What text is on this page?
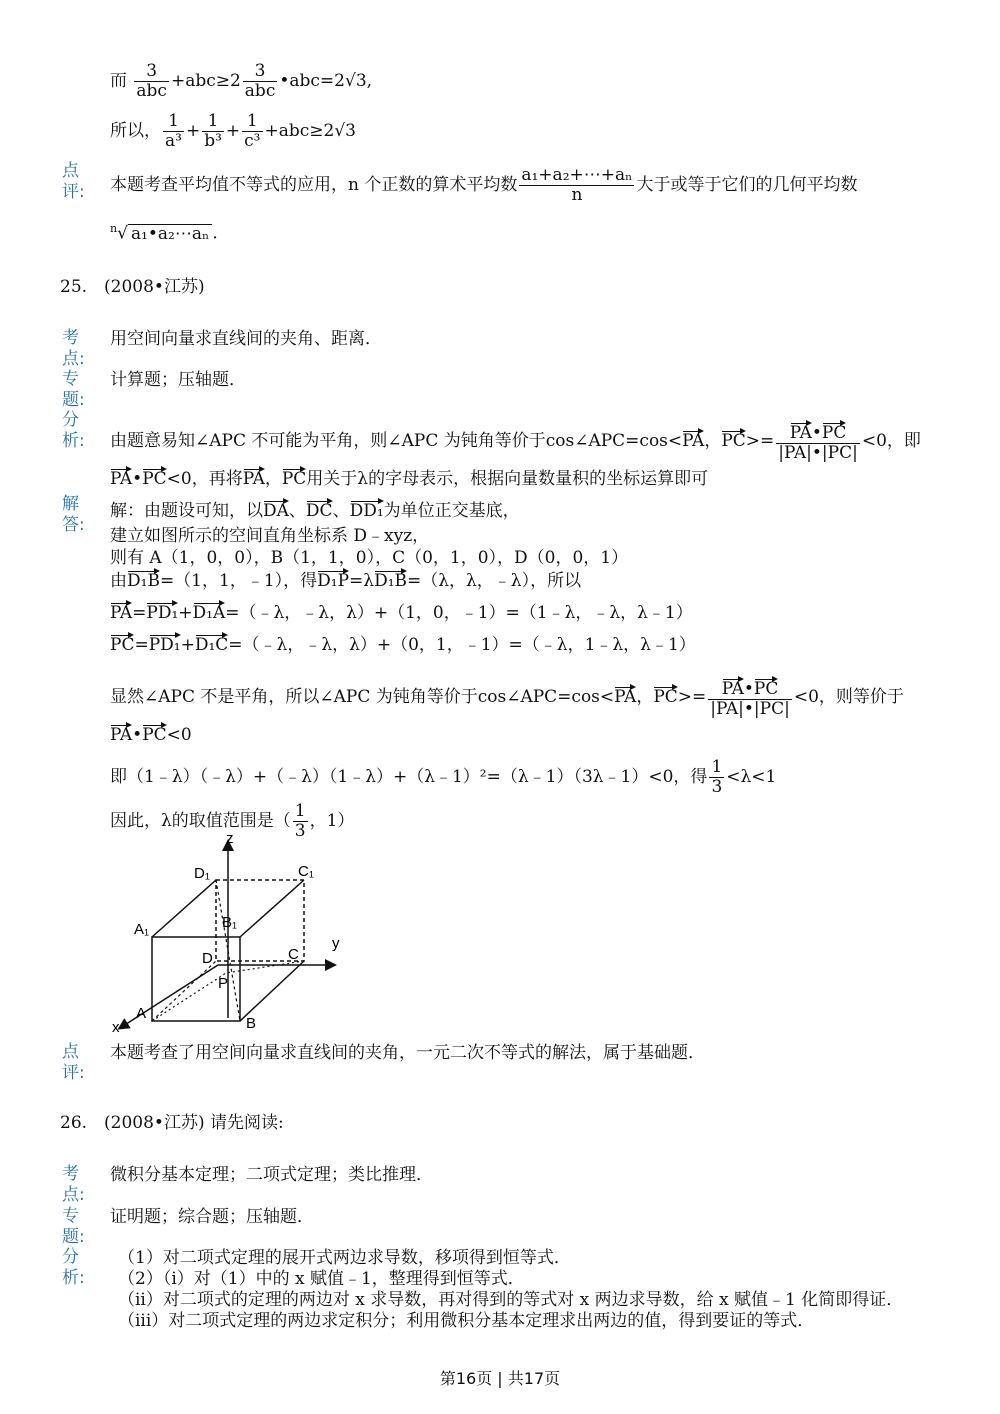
而 $\frac{3}{\text{abc}} +abc\ge 2 \frac{3}{\text{abc}}$ •abc=2√3,
所以， $\frac{1}{\text{a³}} + \frac{1}{\text{b³}} + \frac{1}{\text{c³}} +abc\ge 2√3$
点
评: 本题考查平均值不等式的应用，n 个正数的算术平均数 $\frac{\text{a₁+a₂+⋯+aₙ}}{n}$ 大于或等于它们的几何平均数
$^n$√ a₁•a₂⋯aₙ .
25.　(2008•江苏)
考
点:
用空间向量求直线间的夹角、距离．
专
题:
计算题；压轴题．
分
析: 由题意易知∠APC 不可能为平角，则∠APC 为钝角等价于cos∠APC=cos<PA，$PC>= \frac{PA•PC}{|PA|•|PC|} <0$，即
PA•PC<0，再将PA，PC用关于λ的字母表示，根据向量数量积的坐标运算即可
解
答:
解：由题设可知，以DA、DC、DD₁为单位正交基底，
建立如图所示的空间直角坐标系 D﹣xyz，
则有 A（1，0，0），B（1，1，0），C（0，1，0），D（0，0，1）
由D₁B=（1，1，﹣1），得D₁P=λD₁B=（λ，λ，﹣λ），所以
PA=PD₁+D₁A=（﹣λ，﹣λ，λ）+（1，0，﹣1）=（1﹣λ，﹣λ，λ﹣1）
PC=PD₁+D₁C=（﹣λ，﹣λ，λ）+（0，1，﹣1）=（﹣λ，1﹣λ，λ﹣1）
显然∠APC 不是平角，所以∠APC 为钝角等价于cos∠APC=cos<PA，$PC>= \frac{PA•PC}{|PA|•|PC|} <0$，则等价于
PA•PC<0
即（1﹣λ）（﹣λ）+（﹣λ）（1﹣λ）+（λ﹣1）²=（λ﹣1）（3λ﹣1）<0，得 $\frac{1}{3} <\lambda<1$
因此，λ的取值范围是（ $\frac{1}{3}$ ，1）
z
y
x
D₁	C₁
A₁	B₁
D	C
P
A
B
点
评:
本题考查了用空间向量求直线间的夹角，一元二次不等式的解法，属于基础题．
26.　(2008•江苏) 请先阅读:
考
点:
微积分基本定理；二项式定理；类比推理．
专
题:
证明题；综合题；压轴题．
分
析:
（1）对二项式定理的展开式两边求导数，移项得到恒等式．
（2）（i）对（1）中的 x 赋值﹣1，整理得到恒等式．
（ii）对二项式的定理的两边对 x 求导数，再对得到的等式对 x 两边求导数，给 x 赋值﹣1 化简即得证．
（iii）对二项式定理的两边求定积分；利用微积分基本定理求出两边的值，得到要证的等式．
第16页 | 共17页
